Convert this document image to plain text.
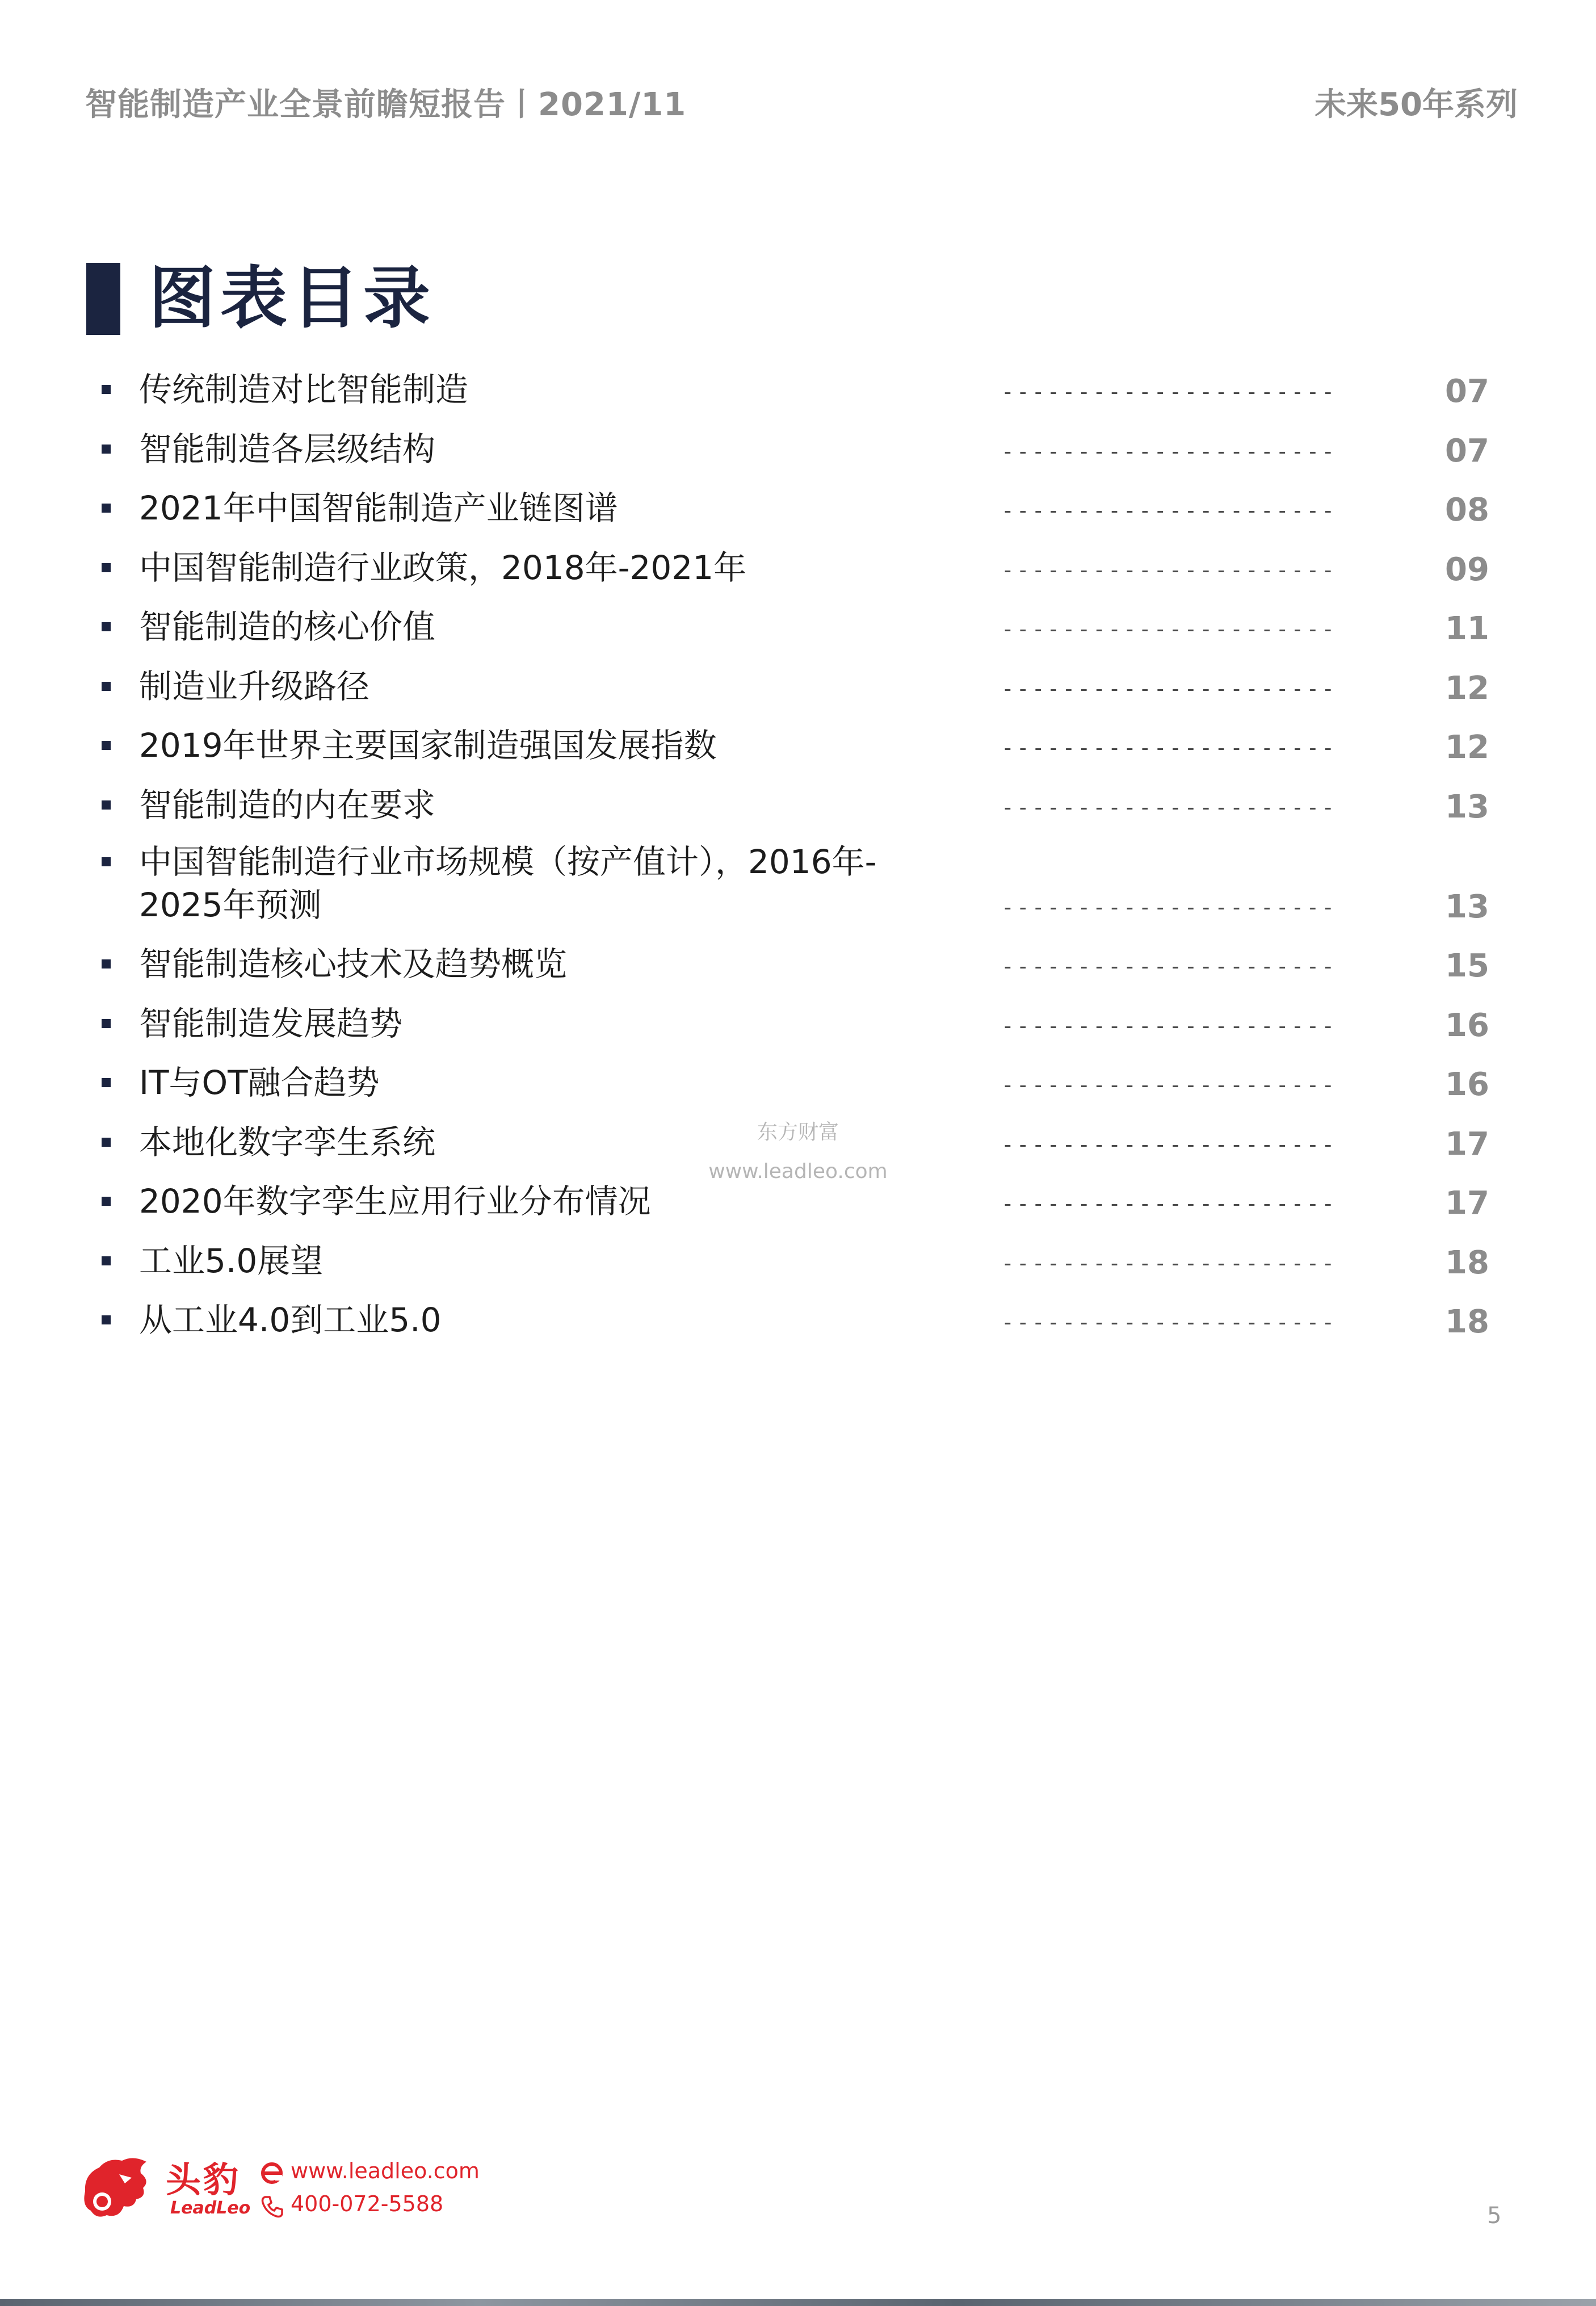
智能制造产业全景前瞻短报告丨2021/11	未来50年系列
图表目录
传统制造对比智能制造	----------------------	07
智能制造各层级结构	----------------------	07
2021年中国智能制造产业链图谱	----------------------	08
中国智能制造行业政策，2018年-2021年	----------------------	09
智能制造的核心价值	----------------------	11
制造业升级路径	----------------------	12
2019年世界主要国家制造强国发展指数	----------------------	12
智能制造的内在要求	----------------------	13
中国智能制造行业市场规模（按产值计），2016年-
2025年预测	----------------------	13
智能制造核心技术及趋势概览	----------------------	15
智能制造发展趋势	----------------------	16
IT与OT融合趋势	----------------------	16
本地化数字孪生系统	----------------------	17
2020年数字孪生应用行业分布情况	----------------------	17
工业5.0展望	----------------------	18
从工业4.0到工业5.0	----------------------	18
东方财富
www.leadleo.com
头豹
LeadLeo
www.leadleo.com
400-072-5588	5
